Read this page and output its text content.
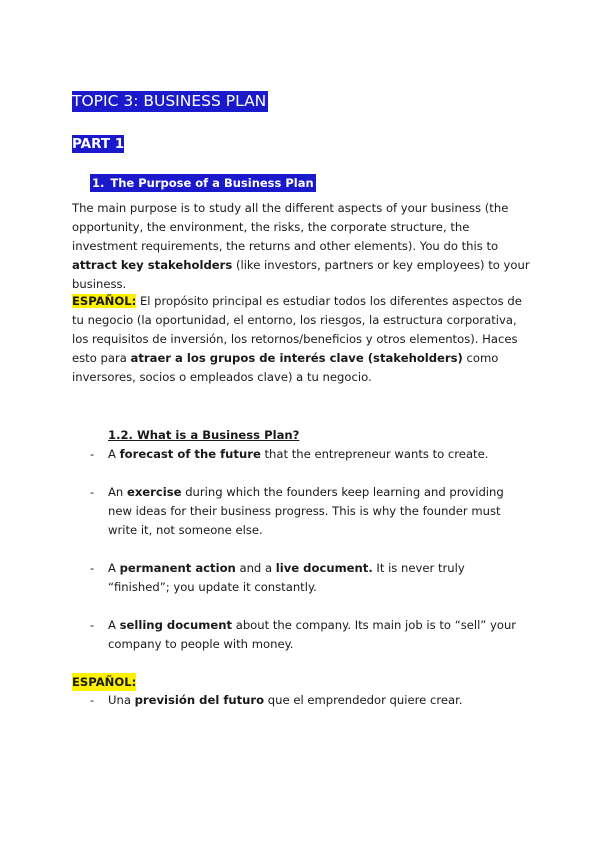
TOPIC 3: BUSINESS PLAN
PART 1
1. The Purpose of a Business Plan
The main purpose is to study all the different aspects of your business (the opportunity, the environment, the risks, the corporate structure, the investment requirements, the returns and other elements). You do this to attract key stakeholders (like investors, partners or key employees) to your business.
ESPAÑOL: El propósito principal es estudiar todos los diferentes aspectos de tu negocio (la oportunidad, el entorno, los riesgos, la estructura corporativa, los requisitos de inversión, los retornos/beneficios y otros elementos). Haces esto para atraer a los grupos de interés clave (stakeholders) como inversores, socios o empleados clave) a tu negocio.
1.2. What is a Business Plan?
- A forecast of the future that the entrepreneur wants to create.
- An exercise during which the founders keep learning and providing new ideas for their business progress. This is why the founder must write it, not someone else.
- A permanent action and a live document. It is never truly “finished”; you update it constantly.
- A selling document about the company. Its main job is to “sell” your company to people with money.
ESPAÑOL:
- Una previsión del futuro que el emprendedor quiere crear.
